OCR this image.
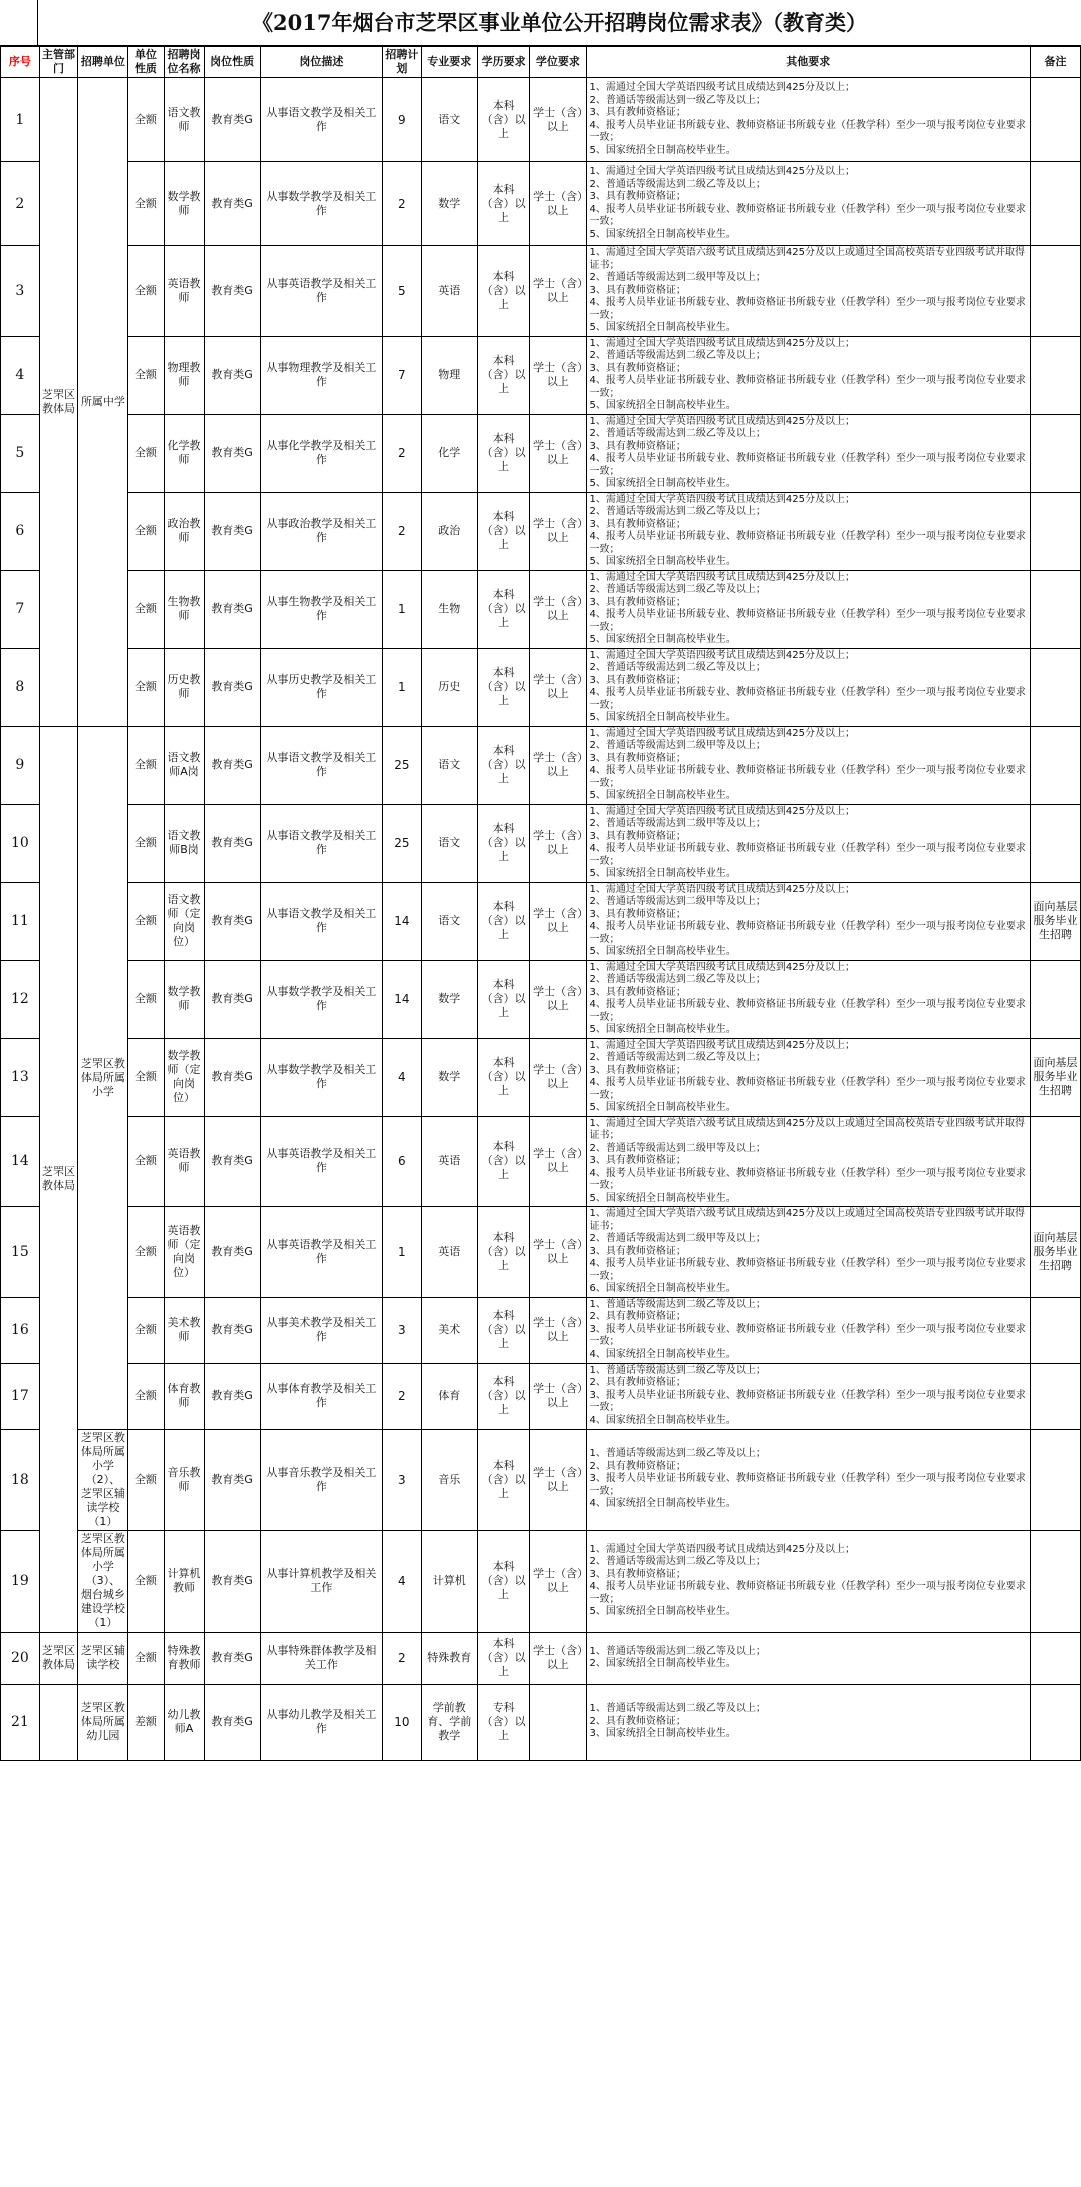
《2017年烟台市芝罘区事业单位公开招聘岗位需求表》（教育类）
序号	主管部门	招聘单位	单位性质	招聘岗位名称	岗位性质	岗位描述	招聘计划	专业要求	学历要求	学位要求	其他要求	备注
1	芝罘区教体局	所属中学	全额	语文教师	教育类G	从事语文教学及相关工作	9	语文	本科（含）以上	学士（含）以上	1、需通过全国大学英语四级考试且成绩达到425分及以上；
2、普通话等级需达到一级乙等及以上；
3、具有教师资格证；
4、报考人员毕业证书所载专业、教师资格证书所载专业（任教学科）至少一项与报考岗位专业要求一致；
5、国家统招全日制高校毕业生。	

2			全额	数学教师	教育类G	从事数学教学及相关工作	2	数学	本科（含）以上	学士（含）以上	1、需通过全国大学英语四级考试且成绩达到425分及以上；
2、普通话等级需达到二级乙等及以上；
3、具有教师资格证；
4、报考人员毕业证书所载专业、教师资格证书所载专业（任教学科）至少一项与报考岗位专业要求一致；
5、国家统招全日制高校毕业生。	

3			全额	英语教师	教育类G	从事英语教学及相关工作	5	英语	本科（含）以上	学士（含）以上	1、需通过全国大学英语六级考试且成绩达到425分及以上或通过全国高校英语专业四级考试并取得证书；
2、普通话等级需达到二级甲等及以上；
3、具有教师资格证；
4、报考人员毕业证书所载专业、教师资格证书所载专业（任教学科）至少一项与报考岗位专业要求一致；
5、国家统招全日制高校毕业生。	

4			全额	物理教师	教育类G	从事物理教学及相关工作	7	物理	本科（含）以上	学士（含）以上	1、需通过全国大学英语四级考试且成绩达到425分及以上；
2、普通话等级需达到二级乙等及以上；
3、具有教师资格证；
4、报考人员毕业证书所载专业、教师资格证书所载专业（任教学科）至少一项与报考岗位专业要求一致；
5、国家统招全日制高校毕业生。	

5			全额	化学教师	教育类G	从事化学教学及相关工作	2	化学	本科（含）以上	学士（含）以上	1、需通过全国大学英语四级考试且成绩达到425分及以上；
2、普通话等级需达到二级乙等及以上；
3、具有教师资格证；
4、报考人员毕业证书所载专业、教师资格证书所载专业（任教学科）至少一项与报考岗位专业要求一致；
5、国家统招全日制高校毕业生。	

6			全额	政治教师	教育类G	从事政治教学及相关工作	2	政治	本科（含）以上	学士（含）以上	1、需通过全国大学英语四级考试且成绩达到425分及以上；
2、普通话等级需达到二级乙等及以上；
3、具有教师资格证；
4、报考人员毕业证书所载专业、教师资格证书所载专业（任教学科）至少一项与报考岗位专业要求一致；
5、国家统招全日制高校毕业生。	

7			全额	生物教师	教育类G	从事生物教学及相关工作	1	生物	本科（含）以上	学士（含）以上	1、需通过全国大学英语四级考试且成绩达到425分及以上；
2、普通话等级需达到二级乙等及以上；
3、具有教师资格证；
4、报考人员毕业证书所载专业、教师资格证书所载专业（任教学科）至少一项与报考岗位专业要求一致；
5、国家统招全日制高校毕业生。	

8			全额	历史教师	教育类G	从事历史教学及相关工作	1	历史	本科（含）以上	学士（含）以上	1、需通过全国大学英语四级考试且成绩达到425分及以上；
2、普通话等级需达到二级乙等及以上；
3、具有教师资格证；
4、报考人员毕业证书所载专业、教师资格证书所载专业（任教学科）至少一项与报考岗位专业要求一致；
5、国家统招全日制高校毕业生。	

9	芝罘区教体局	芝罘区教体局所属小学	全额	语文教师A岗	教育类G	从事语文教学及相关工作	25	语文	本科（含）以上	学士（含）以上	1、需通过全国大学英语四级考试且成绩达到425分及以上；
2、普通话等级需达到二级甲等及以上；
3、具有教师资格证；
4、报考人员毕业证书所载专业、教师资格证书所载专业（任教学科）至少一项与报考岗位专业要求一致；
5、国家统招全日制高校毕业生。	

10			全额	语文教师B岗	教育类G	从事语文教学及相关工作	25	语文	本科（含）以上	学士（含）以上	1、需通过全国大学英语四级考试且成绩达到425分及以上；
2、普通话等级需达到二级甲等及以上；
3、具有教师资格证；
4、报考人员毕业证书所载专业、教师资格证书所载专业（任教学科）至少一项与报考岗位专业要求一致；
5、国家统招全日制高校毕业生。	

11			全额	语文教师（定向岗位）	教育类G	从事语文教学及相关工作	14	语文	本科（含）以上	学士（含）以上	1、需通过全国大学英语四级考试且成绩达到425分及以上；
2、普通话等级需达到二级甲等及以上；
3、具有教师资格证；
4、报考人员毕业证书所载专业、教师资格证书所载专业（任教学科）至少一项与报考岗位专业要求一致；
5、国家统招全日制高校毕业生。	面向基层服务毕业生招聘
12			全额	数学教师	教育类G	从事数学教学及相关工作	14	数学	本科（含）以上	学士（含）以上	1、需通过全国大学英语四级考试且成绩达到425分及以上；
2、普通话等级需达到二级乙等及以上；
3、具有教师资格证；
4、报考人员毕业证书所载专业、教师资格证书所载专业（任教学科）至少一项与报考岗位专业要求一致；
5、国家统招全日制高校毕业生。	

13			全额	数学教师（定向岗位）	教育类G	从事数学教学及相关工作	4	数学	本科（含）以上	学士（含）以上	1、需通过全国大学英语四级考试且成绩达到425分及以上；
2、普通话等级需达到二级乙等及以上；
3、具有教师资格证；
4、报考人员毕业证书所载专业、教师资格证书所载专业（任教学科）至少一项与报考岗位专业要求一致；
5、国家统招全日制高校毕业生。	面向基层服务毕业生招聘
14			全额	英语教师	教育类G	从事英语教学及相关工作	6	英语	本科（含）以上	学士（含）以上	1、需通过全国大学英语六级考试且成绩达到425分及以上或通过全国高校英语专业四级考试并取得证书；
2、普通话等级需达到二级甲等及以上；
3、具有教师资格证；
4、报考人员毕业证书所载专业、教师资格证书所载专业（任教学科）至少一项与报考岗位专业要求一致；
5、国家统招全日制高校毕业生。	

15			全额	英语教师（定向岗位）	教育类G	从事英语教学及相关工作	1	英语	本科（含）以上	学士（含）以上	1、需通过全国大学英语六级考试且成绩达到425分及以上或通过全国高校英语专业四级考试并取得证书；
2、普通话等级需达到二级甲等及以上；
3、具有教师资格证；
4、报考人员毕业证书所载专业、教师资格证书所载专业（任教学科）至少一项与报考岗位专业要求一致；
6、国家统招全日制高校毕业生。	面向基层服务毕业生招聘
16			全额	美术教师	教育类G	从事美术教学及相关工作	3	美术	本科（含）以上	学士（含）以上	1、普通话等级需达到二级乙等及以上；
2、具有教师资格证；
3、报考人员毕业证书所载专业、教师资格证书所载专业（任教学科）至少一项与报考岗位专业要求一致；
4、国家统招全日制高校毕业生。	

17			全额	体育教师	教育类G	从事体育教学及相关工作	2	体育	本科（含）以上	学士（含）以上	1、普通话等级需达到二级乙等及以上；
2、具有教师资格证；
3、报考人员毕业证书所载专业、教师资格证书所载专业（任教学科）至少一项与报考岗位专业要求一致；
4、国家统招全日制高校毕业生。	

18		芝罘区教体局所属小学（2）、芝罘区辅读学校（1）	全额	音乐教师	教育类G	从事音乐教学及相关工作	3	音乐	本科（含）以上	学士（含）以上	1、普通话等级需达到二级乙等及以上；
2、具有教师资格证；
3、报考人员毕业证书所载专业、教师资格证书所载专业（任教学科）至少一项与报考岗位专业要求一致；
4、国家统招全日制高校毕业生。	

19		芝罘区教体局所属小学（3）、烟台城乡建设学校（1）	全额	计算机教师	教育类G	从事计算机教学及相关工作	4	计算机	本科（含）以上	学士（含）以上	1、需通过全国大学英语四级考试且成绩达到425分及以上；
2、普通话等级需达到二级乙等及以上；
3、具有教师资格证；
4、报考人员毕业证书所载专业、教师资格证书所载专业（任教学科）至少一项与报考岗位专业要求一致；
5、国家统招全日制高校毕业生。	

20	芝罘区教体局	芝罘区辅读学校	全额	特殊教育教师	教育类G	从事特殊群体教学及相关工作	2	特殊教育	本科（含）以上	学士（含）以上	1、普通话等级需达到二级乙等及以上；
2、国家统招全日制高校毕业生。	

21		芝罘区教体局所属幼儿园	差额	幼儿教师A	教育类G	从事幼儿教学及相关工作	10	学前教育、学前教学	专科（含）以上		1、普通话等级需达到二级乙等及以上；
2、具有教师资格证；
3、国家统招全日制高校毕业生。	
